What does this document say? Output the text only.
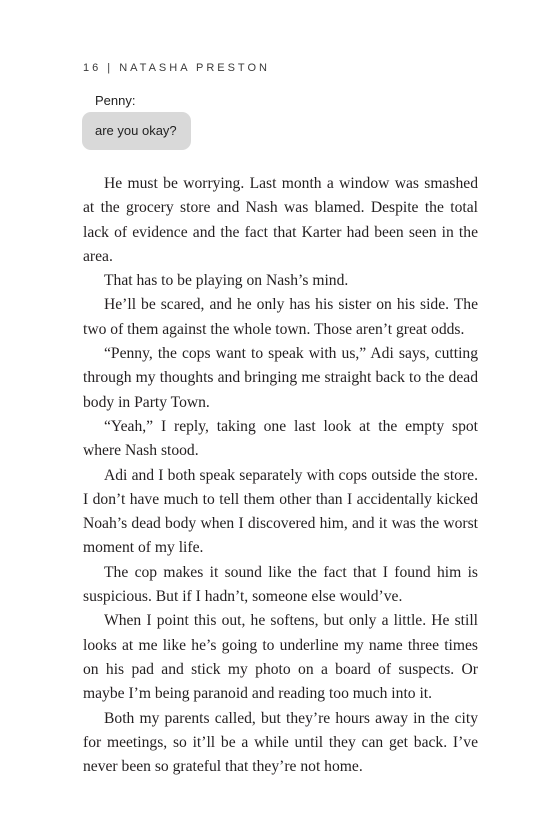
16 | NATASHA PRESTON
Penny:
are you okay?

He must be worrying. Last month a window was smashed at the grocery store and Nash was blamed. Despite the total lack of evidence and the fact that Karter had been seen in the area.

That has to be playing on Nash’s mind.

He’ll be scared, and he only has his sister on his side. The two of them against the whole town. Those aren’t great odds.

“Penny, the cops want to speak with us,” Adi says, cutting through my thoughts and bringing me straight back to the dead body in Party Town.

“Yeah,” I reply, taking one last look at the empty spot where Nash stood.

Adi and I both speak separately with cops outside the store. I don’t have much to tell them other than I accidentally kicked Noah’s dead body when I discovered him, and it was the worst moment of my life.

The cop makes it sound like the fact that I found him is suspicious. But if I hadn’t, someone else would’ve.

When I point this out, he softens, but only a little. He still looks at me like he’s going to underline my name three times on his pad and stick my photo on a board of suspects. Or maybe I’m being paranoid and reading too much into it.

Both my parents called, but they’re hours away in the city for meetings, so it’ll be a while until they can get back. I’ve never been so grateful that they’re not home.
